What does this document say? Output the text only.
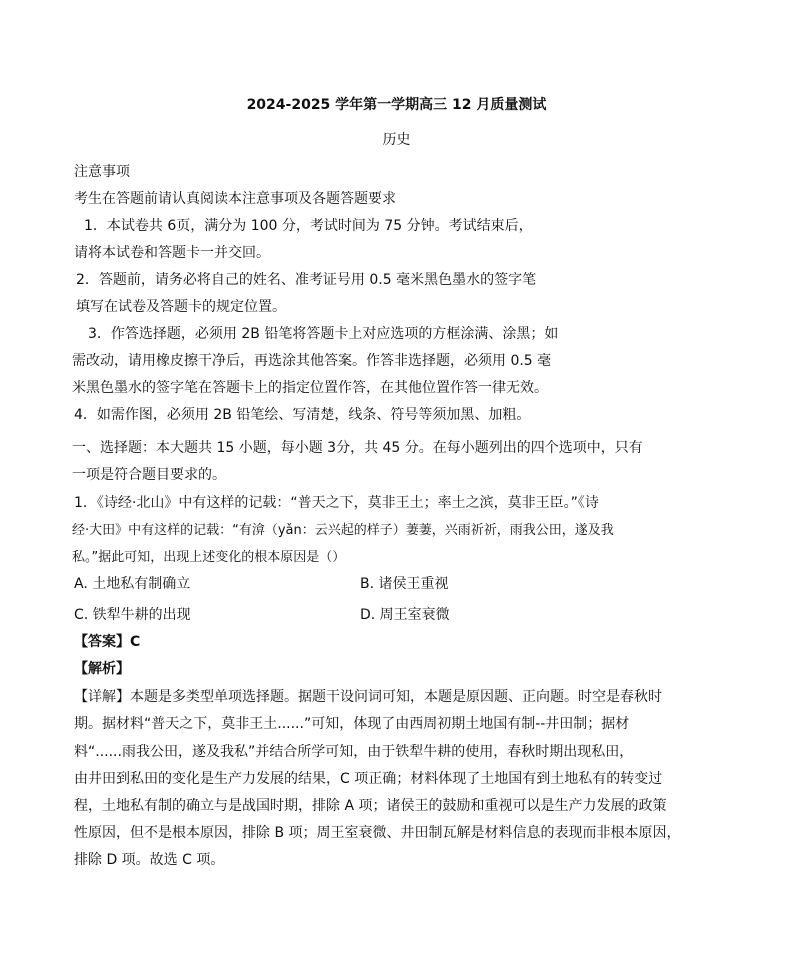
2024-2025 学年第一学期高三 12 月质量测试
历史
注意事项
考生在答题前请认真阅读本注意事项及各题答题要求
1．本试卷共 6页，满分为 100 分，考试时间为 75 分钟。考试结束后，
请将本试卷和答题卡一并交回。
2．答题前，请务必将自己的姓名、准考证号用 0.5 毫米黑色墨水的签字笔
填写在试卷及答题卡的规定位置。
3．作答选择题，必须用 2B 铅笔将答题卡上对应选项的方框涂满、涂黑；如
需改动，请用橡皮擦干净后，再选涂其他答案。作答非选择题，必须用 0.5 毫
米黑色墨水的签字笔在答题卡上的指定位置作答，在其他位置作答一律无效。
4．如需作图，必须用 2B 铅笔绘、写清楚，线条、符号等须加黑、加粗。
一、选择题：本大题共 15 小题，每小题 3分，共 45 分。在每小题列出的四个选项中，只有
一项是符合题目要求的。
1．《诗经·北山》中有这样的记载：“普天之下，莫非王土；率土之滨，莫非王臣。”《诗
经·大田》中有这样的记载：“有渰（yǎn：云兴起的样子）萋萋，兴雨祈祈，雨我公田，遂及我
私。”据此可知，出现上述变化的根本原因是（）
A. 土地私有制确立	B. 诸侯王重视
C. 铁犁牛耕的出现	D. 周王室衰微
【答案】C
【解析】
【详解】本题是多类型单项选择题。据题干设问词可知，本题是原因题、正向题。时空是春秋时
期。据材料“普天之下，莫非王土......”可知，体现了由西周初期土地国有制--井田制；据材
料“......雨我公田，遂及我私”并结合所学可知，由于铁犁牛耕的使用，春秋时期出现私田，
由井田到私田的变化是生产力发展的结果，C 项正确；材料体现了土地国有到土地私有的转变过
程，土地私有制的确立与是战国时期，排除 A 项；诸侯王的鼓励和重视可以是生产力发展的政策
性原因，但不是根本原因，排除 B 项；周王室衰微、井田制瓦解是材料信息的表现而非根本原因，
排除 D 项。故选 C 项。
